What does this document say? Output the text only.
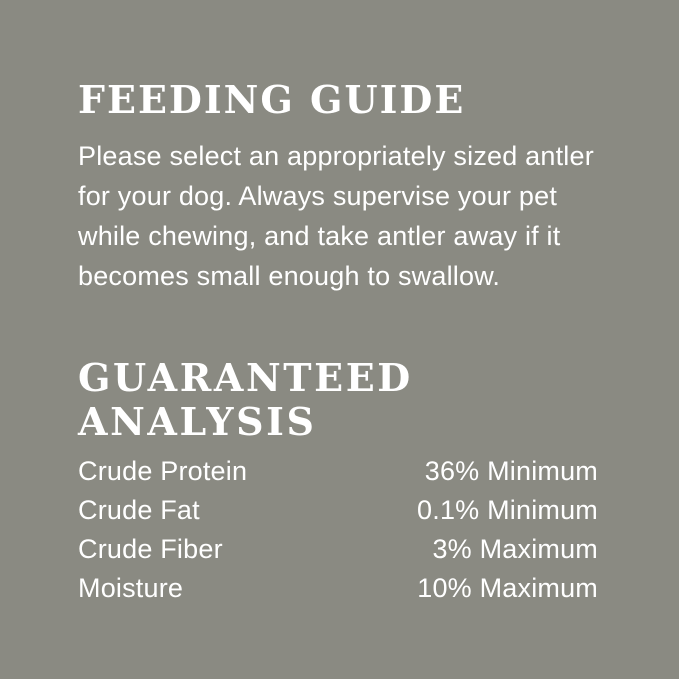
FEEDING GUIDE

Please select an appropriately sized antler for your dog. Always supervise your pet while chewing, and take antler away if it becomes small enough to swallow.

GUARANTEED ANALYSIS
Crude Protein	36% Minimum
Crude Fat	0.1% Minimum
Crude Fiber	3% Maximum
Moisture	10% Maximum
